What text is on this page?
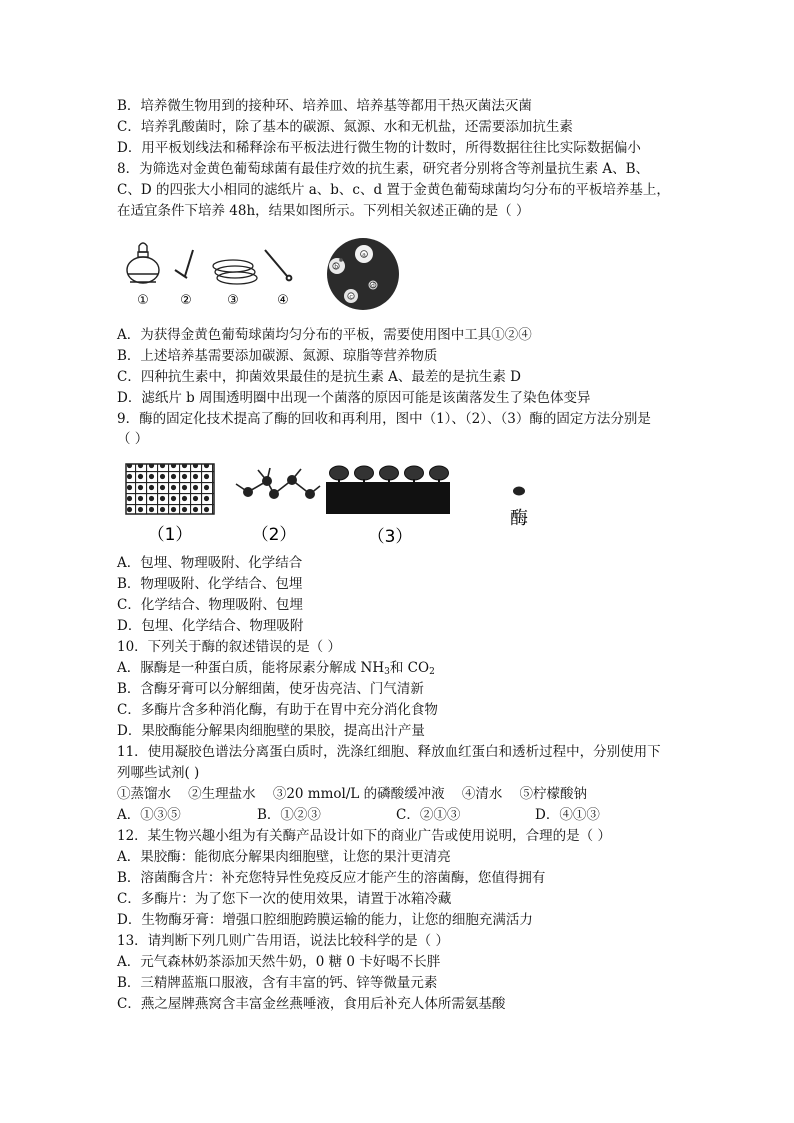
B．培养微生物用到的接种环、培养皿、培养基等都用干热灭菌法灭菌
C．培养乳酸菌时，除了基本的碳源、氮源、水和无机盐，还需要添加抗生素
D．用平板划线法和稀释涂布平板法进行微生物的计数时，所得数据往往比实际数据偏小
8．为筛选对金黄色葡萄球菌有最佳疗效的抗生素，研究者分别将含等剂量抗生素 A、B、
C、D 的四张大小相同的滤纸片 a、b、c、d 置于金黄色葡萄球菌均匀分布的平板培养基上，
在适宜条件下培养 48h，结果如图所示。下列相关叙述正确的是（ ）
① ②	③	④
a
b
c
d
A．为获得金黄色葡萄球菌均匀分布的平板，需要使用图中工具①②④
B．上述培养基需要添加碳源、氮源、琼脂等营养物质
C．四种抗生素中，抑菌效果最佳的是抗生素 A、最差的是抗生素 D
D．滤纸片 b 周围透明圈中出现一个菌落的原因可能是该菌落发生了染色体变异
9．酶的固定化技术提高了酶的回收和再利用，图中（1）、（2）、（3）酶的固定方法分别是
（ ）
（1）	（2）	（3）
酶
A．包埋、物理吸附、化学结合
B．物理吸附、化学结合、包埋
C．化学结合、物理吸附、包埋
D．包埋、化学结合、物理吸附
10．下列关于酶的叙述错误的是（ ）
A．脲酶是一种蛋白质，能将尿素分解成 $NH_3$和 $CO_2$
B．含酶牙膏可以分解细菌，使牙齿亮洁、门气清新
C．多酶片含多种消化酶，有助于在胃中充分消化食物
D．果胶酶能分解果肉细胞壁的果胶，提高出汁产量
11．使用凝胶色谱法分离蛋白质时，洗涤红细胞、释放血红蛋白和透析过程中，分别使用下
列哪些试剂( )
①蒸馏水    ②生理盐水    ③20 mmol/L 的磷酸缓冲液    ④清水    ⑤柠檬酸钠
A．①③⑤	B．①②③	C．②①③	D．④①③
12．某生物兴趣小组为有关酶产品设计如下的商业广告或使用说明，合理的是（ ）
A．果胶酶：能彻底分解果肉细胞壁，让您的果汁更清亮
B．溶菌酶含片：补充您特异性免疫反应才能产生的溶菌酶，您值得拥有
C．多酶片：为了您下一次的使用效果，请置于冰箱冷藏
D．生物酶牙膏：增强口腔细胞跨膜运输的能力，让您的细胞充满活力
13．请判断下列几则广告用语，说法比较科学的是（ ）
A．元气森林奶茶添加天然牛奶，0 糖 0 卡好喝不长胖
B．三精牌蓝瓶口服液，含有丰富的钙、锌等微量元素
C．燕之屋牌燕窝含丰富金丝燕唾液，食用后补充人体所需氨基酸
